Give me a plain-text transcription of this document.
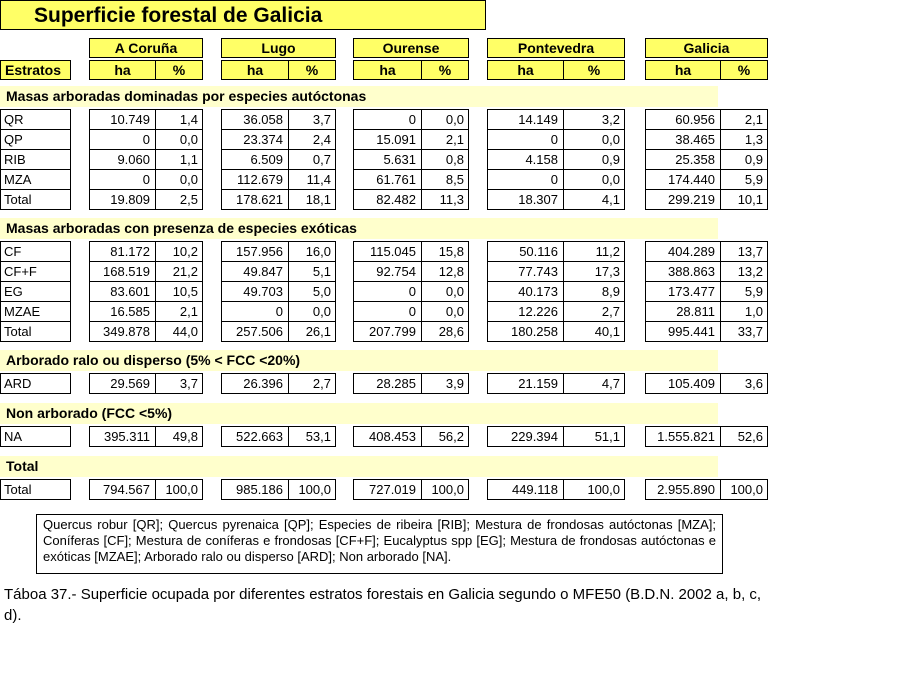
Superficie forestal de Galicia
Estratos
A Coruña
ha	%
Lugo
ha	%
Ourense
ha	%
Pontevedra
ha	%
Galicia
ha	%
Masas arboradas dominadas por especies autóctonas
QR	10.749	1,4	36.058	3,7	0	0,0	14.149	3,2	60.956	2,1
QP	0	0,0	23.374	2,4	15.091	2,1	0	0,0	38.465	1,3
RIB	9.060	1,1	6.509	0,7	5.631	0,8	4.158	0,9	25.358	0,9
MZA	0	0,0	112.679	11,4	61.761	8,5	0	0,0	174.440	5,9
Total	19.809	2,5	178.621	18,1	82.482	11,3	18.307	4,1	299.219	10,1
Masas arboradas con presenza de especies exóticas
CF	81.172	10,2	157.956	16,0	115.045	15,8	50.116	11,2	404.289	13,7
CF+F	168.519	21,2	49.847	5,1	92.754	12,8	77.743	17,3	388.863	13,2
EG	83.601	10,5	49.703	5,0	0	0,0	40.173	8,9	173.477	5,9
MZAE	16.585	2,1	0	0,0	0	0,0	12.226	2,7	28.811	1,0
Total	349.878	44,0	257.506	26,1	207.799	28,6	180.258	40,1	995.441	33,7
Arborado ralo ou disperso (5% < FCC <20%)
ARD	29.569	3,7	26.396	2,7	28.285	3,9	21.159	4,7	105.409	3,6
Non arborado (FCC <5%)
NA	395.311	49,8	522.663	53,1	408.453	56,2	229.394	51,1	1.555.821	52,6
Total
Total	794.567	100,0	985.186	100,0	727.019	100,0	449.118	100,0	2.955.890	100,0
Quercus robur [QR]; Quercus pyrenaica [QP]; Especies de ribeira [RIB]; Mestura de frondosas autóctonas [MZA]; Coníferas [CF]; Mestura de coníferas e frondosas [CF+F]; Eucalyptus spp [EG]; Mestura de frondosas autóctonas e exóticas [MZAE]; Arborado ralo ou disperso [ARD]; Non arborado [NA].
Táboa 37.- Superficie ocupada por diferentes estratos forestais en Galicia segundo o MFE50 (B.D.N. 2002 a, b, c, d).
